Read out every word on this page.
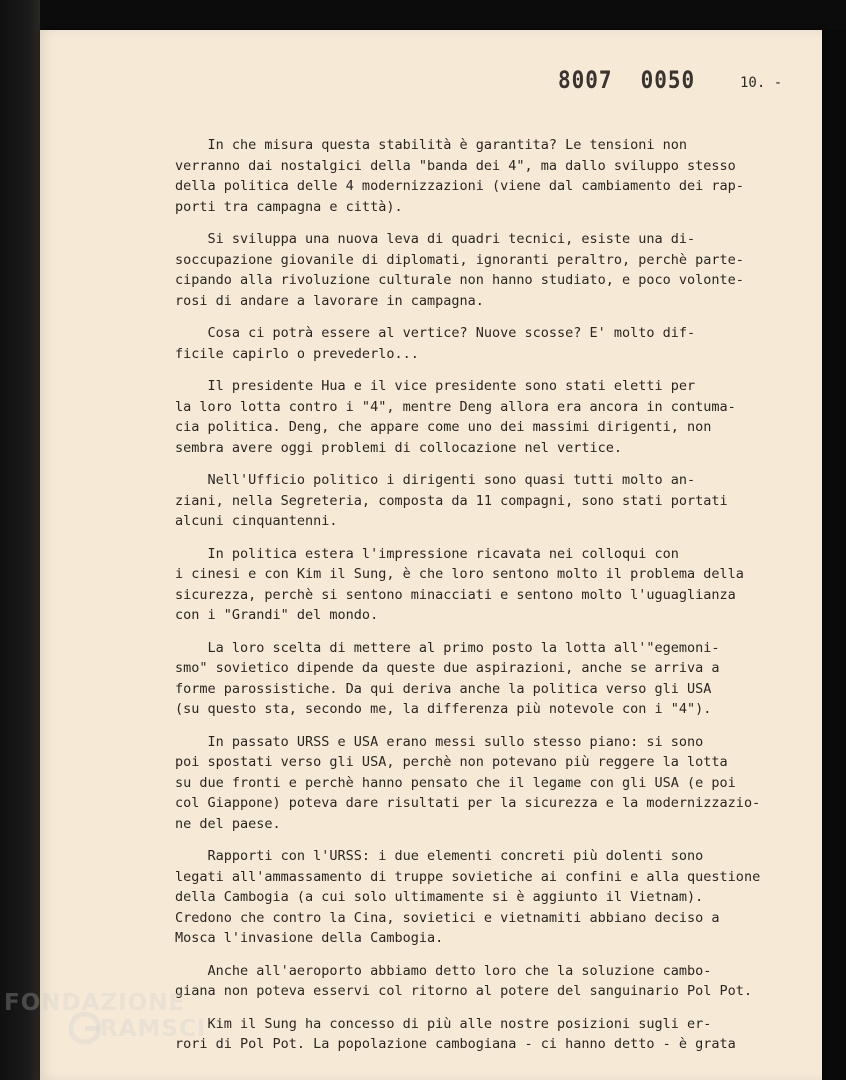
8007 0050	10. -
In che misura questa stabilità è garantita? Le tensioni non
verranno dai nostalgici della "banda dei 4", ma dallo sviluppo stesso
della politica delle 4 modernizzazioni (viene dal cambiamento dei rap-
porti tra campagna e città).
Si sviluppa una nuova leva di quadri tecnici, esiste una di-
soccupazione giovanile di diplomati, ignoranti peraltro, perchè parte-
cipando alla rivoluzione culturale non hanno studiato, e poco volonte-
rosi di andare a lavorare in campagna.
Cosa ci potrà essere al vertice? Nuove scosse? E' molto dif-
ficile capirlo o prevederlo...
Il presidente Hua e il vice presidente sono stati eletti per
la loro lotta contro i "4", mentre Deng allora era ancora in contuma-
cia politica. Deng, che appare come uno dei massimi dirigenti, non
sembra avere oggi problemi di collocazione nel vertice.
Nell'Ufficio politico i dirigenti sono quasi tutti molto an-
ziani, nella Segreteria, composta da 11 compagni, sono stati portati
alcuni cinquantenni.
In politica estera l'impressione ricavata nei colloqui con
i cinesi e con Kim il Sung, è che loro sentono molto il problema della
sicurezza, perchè si sentono minacciati e sentono molto l'uguaglianza
con i "Grandi" del mondo.
La loro scelta di mettere al primo posto la lotta all'"egemoni-
smo" sovietico dipende da queste due aspirazioni, anche se arriva a
forme parossistiche. Da qui deriva anche la politica verso gli USA
(su questo sta, secondo me, la differenza più notevole con i "4").
In passato URSS e USA erano messi sullo stesso piano: si sono
poi spostati verso gli USA, perchè non potevano più reggere la lotta
su due fronti e perchè hanno pensato che il legame con gli USA (e poi
col Giappone) poteva dare risultati per la sicurezza e la modernizzazio-
ne del paese.
Rapporti con l'URSS: i due elementi concreti più dolenti sono
legati all'ammassamento di truppe sovietiche ai confini e alla questione
della Cambogia (a cui solo ultimamente si è aggiunto il Vietnam).
Credono che contro la Cina, sovietici e vietnamiti abbiano deciso a
Mosca l'invasione della Cambogia.
Anche all'aeroporto abbiamo detto loro che la soluzione cambo-
giana non poteva esservi col ritorno al potere del sanguinario Pol Pot.
Kim il Sung ha concesso di più alle nostre posizioni sugli er-
rori di Pol Pot. La popolazione cambogiana - ci hanno detto - è grata
FONDAZIONE
RAMSCI
